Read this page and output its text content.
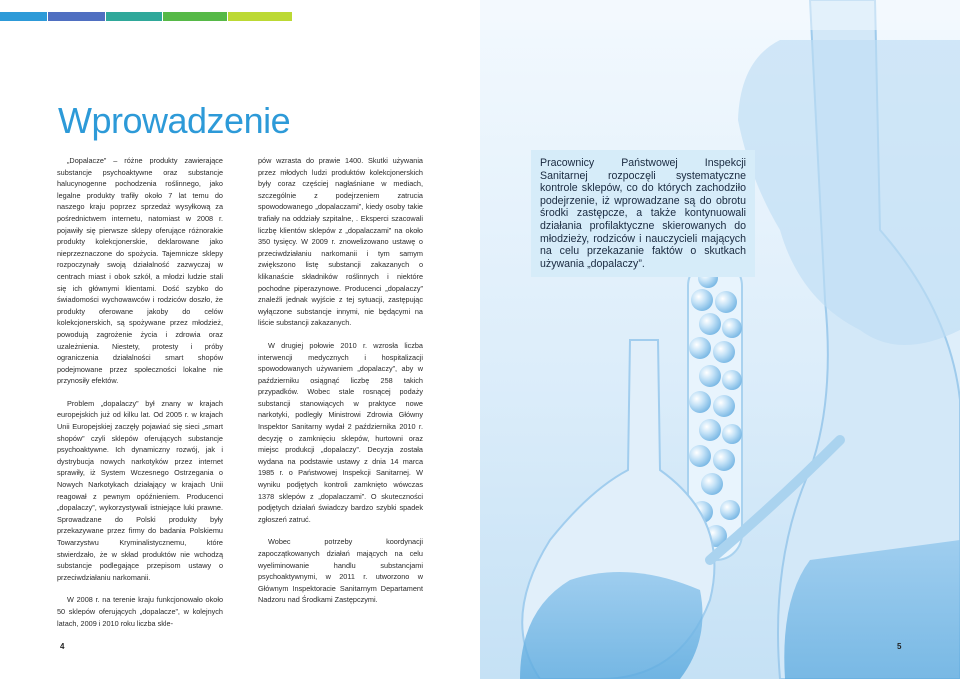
Wprowadzenie

„Dopalacze” – różne produkty zawierające substancje psychoaktywne oraz substancje halucynogenne pochodzenia roślinnego, jako legalne produkty trafiły około 7 lat temu do naszego kraju poprzez sprzedaż wysyłkową za pośrednictwem internetu, natomiast w 2008 r. pojawiły się pierwsze sklepy oferujące różnorakie produkty kolekcjonerskie, deklarowane jako nieprzeznaczone do spożycia. Tajemnicze sklepy rozpoczynały swoją działalność zazwyczaj w centrach miast i obok szkół, a młodzi ludzie stali się ich głównymi klientami. Dość szybko do świadomości wychowawców i rodziców doszło, że produkty oferowane jakoby do celów kolekcjonerskich, są spożywane przez młodzież, powodują zagrożenie życia i zdrowia oraz uzależnienia. Niestety, protesty i próby ograniczenia działalności smart shopów podejmowane przez społeczności lokalne nie przynosiły efektów.

Problem „dopalaczy” był znany w krajach europejskich już od kilku lat. Od 2005 r. w krajach Unii Europejskiej zaczęły pojawiać się sieci „smart shopów” czyli sklepów oferujących substancje psychoaktywne. Ich dynamiczny rozwój, jak i dystrybucja nowych narkotyków przez internet sprawiły, iż System Wczesnego Ostrzegania o Nowych Narkotykach działający w krajach Unii reagował z pewnym opóźnieniem. Producenci „dopalaczy”, wykorzystywali istniejące luki prawne. Sprowadzane do Polski produkty były przekazywane przez firmy do badania Polskiemu Towarzystwu Kryminalistycznemu, które stwierdzało, że w skład produktów nie wchodzą substancje podlegające przepisom ustawy o przeciwdziałaniu narkomanii.

W 2008 r. na terenie kraju funkcjonowało około 50 sklepów oferujących „dopalacze”, w kolejnych latach, 2009 i 2010 roku liczba skle-

pów wzrasta do prawie 1400. Skutki używania przez młodych ludzi produktów kolekcjonerskich były coraz częściej nagłaśniane w mediach, szczególnie z podejrzeniem zatrucia spowodowanego „dopalaczami”, kiedy osoby takie trafiały na oddziały szpitalne, . Eksperci szacowali liczbę klientów sklepów z „dopalaczami” na około 350 tysięcy. W 2009 r. znowelizowano ustawę o przeciwdziałaniu narkomanii i tym samym zwiększono listę substancji zakazanych o klikanaście składników roślinnych i niektóre pochodne piperazynowe. Producenci „dopalaczy” znaleźli jednak wyjście z tej sytuacji, zastępując wyłączone substancje innymi, nie będącymi na liście substancji zakazanych.

W drugiej połowie 2010 r. wzrosła liczba interwencji medycznych i hospitalizacji spowodowanych używaniem „dopalaczy”, aby w październiku osiągnąć liczbę 258 takich przypadków. Wobec stale rosnącej podaży substancji stanowiących w praktyce nowe narkotyki, podległy Ministrowi Zdrowia Główny Inspektor Sanitarny wydał 2 października 2010 r. decyzję o zamknięciu sklepów, hurtowni oraz miejsc produkcji „dopalaczy”. Decyzja została wydana na podstawie ustawy z dnia 14 marca 1985 r. o Państwowej Inspekcji Sanitarnej. W wyniku podjętych kontroli zamknięto wówczas 1378 sklepów z „dopalaczami”. O skuteczności podjętych działań świadczy bardzo szybki spadek zgłoszeń zatruć.

Wobec potrzeby koordynacji zapoczątkowanych działań mających na celu wyeliminowanie handlu substancjami psychoaktywnymi, w 2011 r. utworzono w Głównym Inspektoracie Sanitarnym Departament Nadzoru nad Środkami Zastępczymi.

4	5
Pracownicy Państwowej Inspekcji Sanitarnej rozpoczęli systematyczne kontrole sklepów, co do których zachodziło podejrzenie, iż wprowadzane są do obrotu środki zastępcze, a także kontynuowali działania profilaktyczne skierowanych do młodzieży, rodziców i nauczycieli mających na celu przekazanie faktów o skutkach używania „dopalaczy”.
